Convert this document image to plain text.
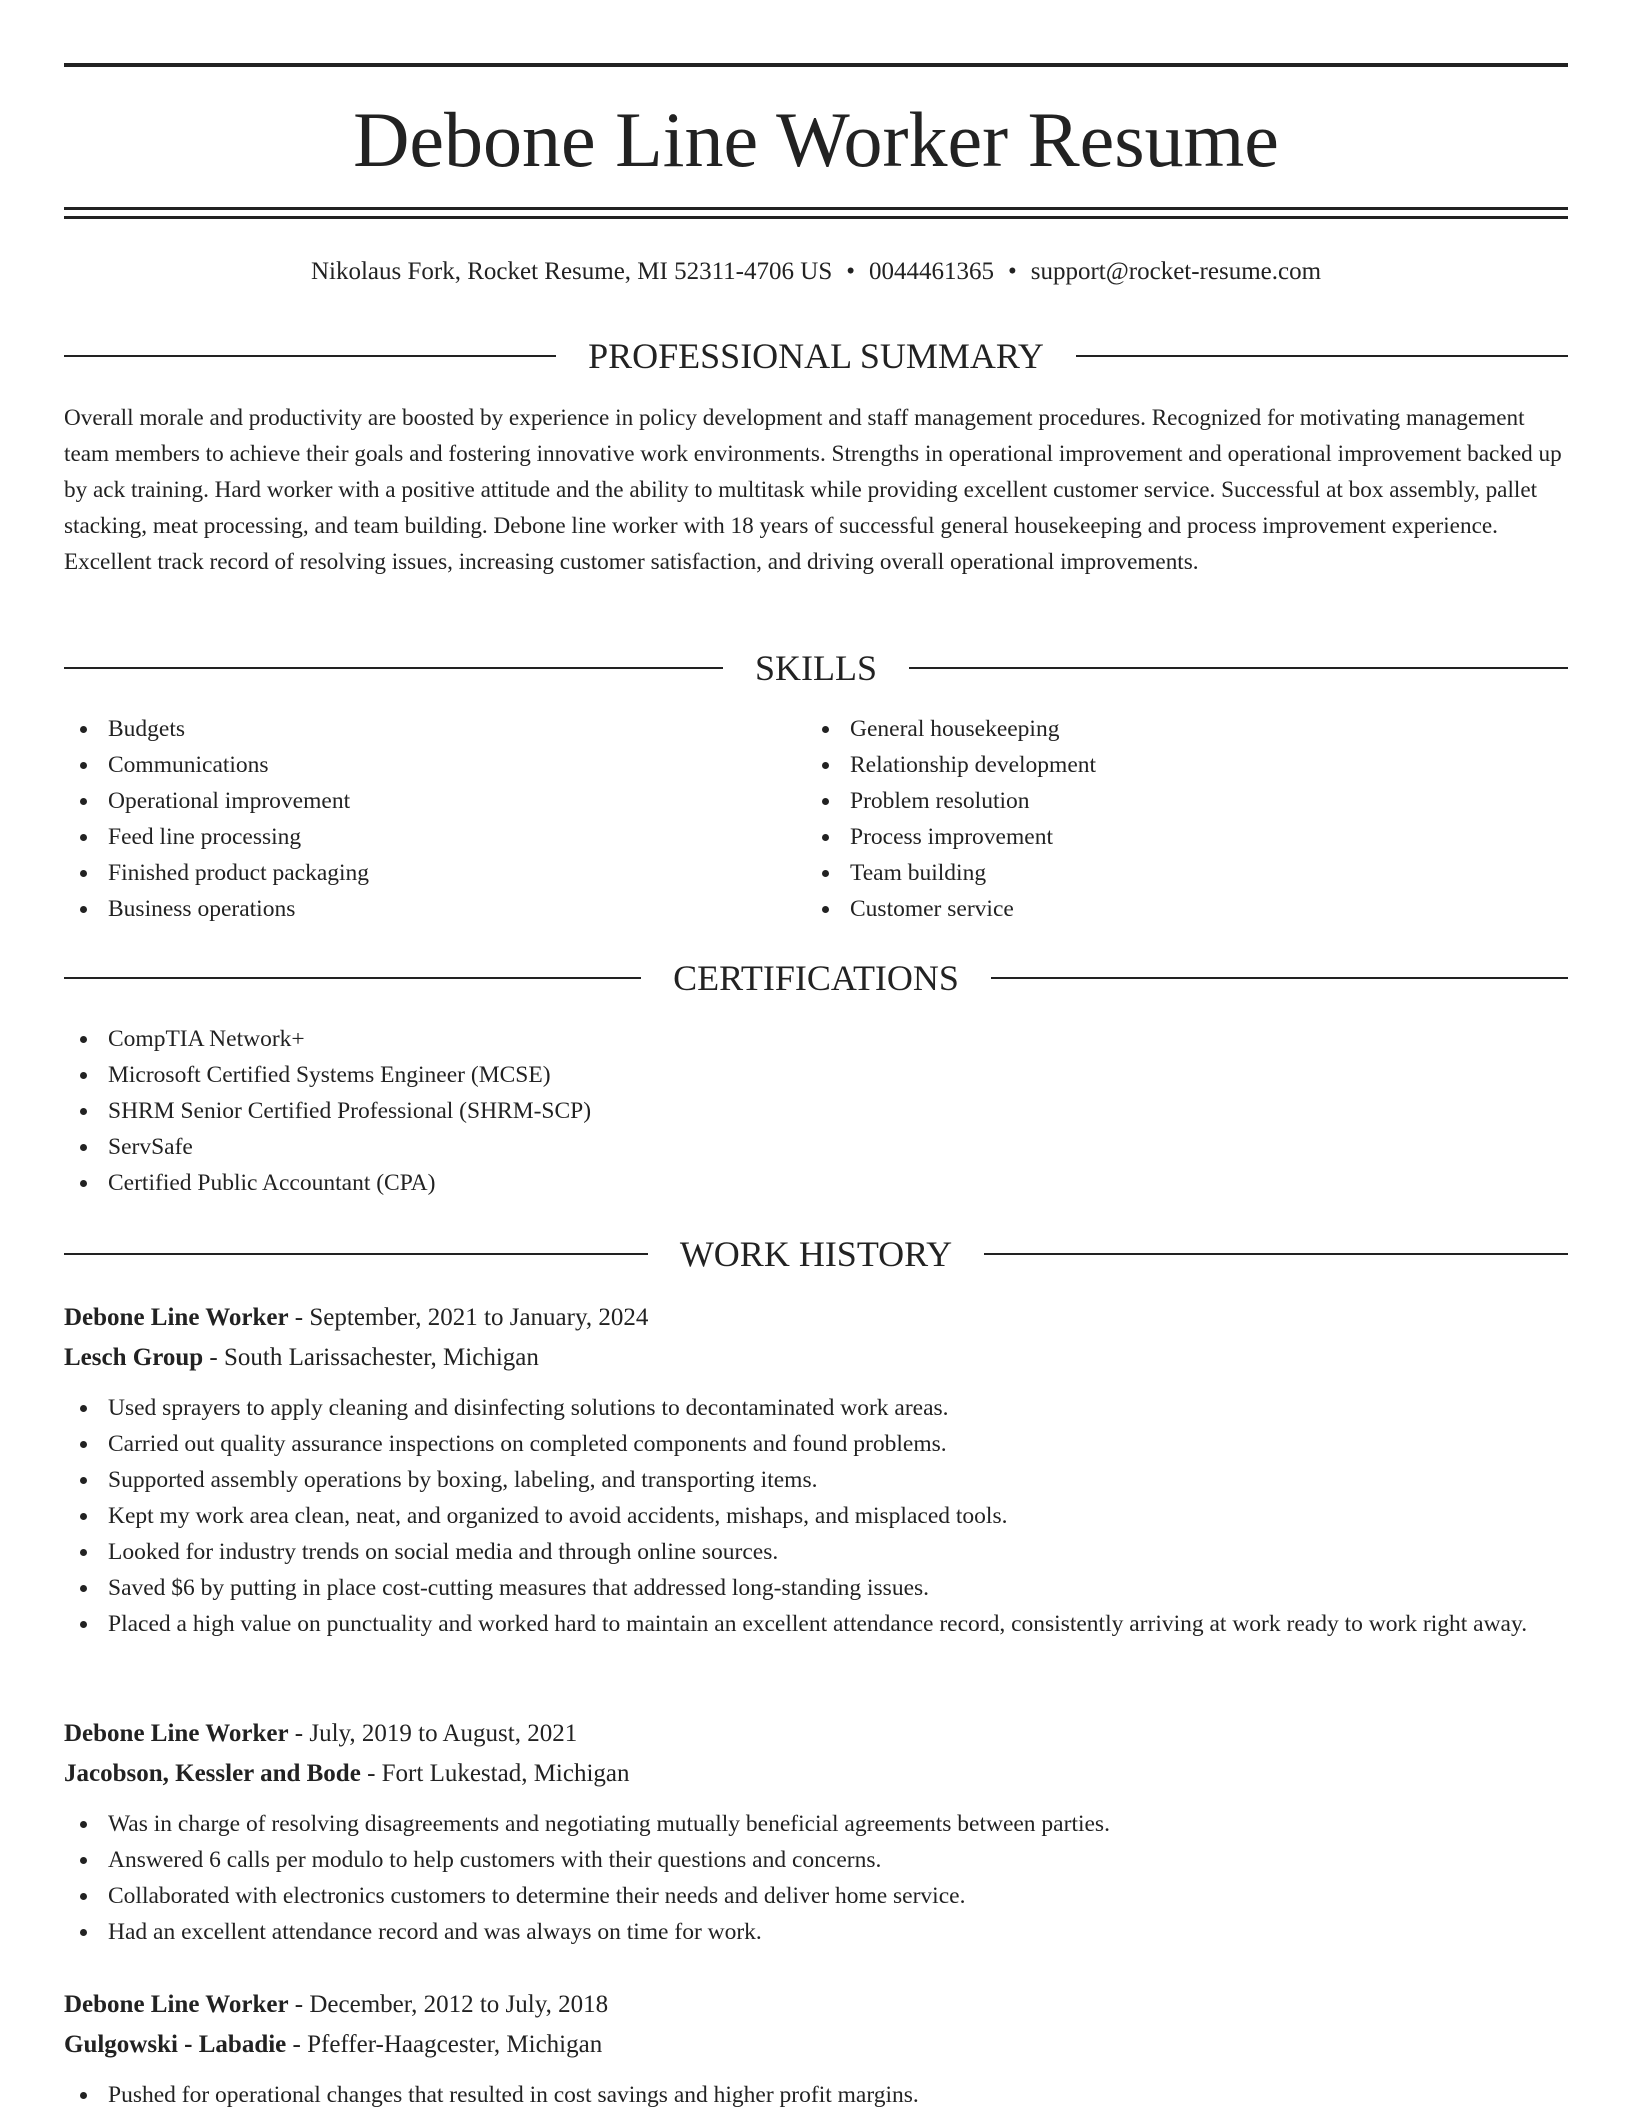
Debone Line Worker Resume
Nikolaus Fork, Rocket Resume, MI 52311-4706 US • 0044461365 • support@rocket-resume.com
PROFESSIONAL SUMMARY

Overall morale and productivity are boosted by experience in policy development and staff management procedures. Recognized for motivating management team members to achieve their goals and fostering innovative work environments. Strengths in operational improvement and operational improvement backed up by ack training. Hard worker with a positive attitude and the ability to multitask while providing excellent customer service. Successful at box assembly, pallet stacking, meat processing, and team building. Debone line worker with 18 years of successful general housekeeping and process improvement experience. Excellent track record of resolving issues, increasing customer satisfaction, and driving overall operational improvements.

SKILLS
Budgets
Communications
Operational improvement
Feed line processing
Finished product packaging
Business operations
General housekeeping
Relationship development
Problem resolution
Process improvement
Team building
Customer service
CERTIFICATIONS
CompTIA Network+
Microsoft Certified Systems Engineer (MCSE)
SHRM Senior Certified Professional (SHRM-SCP)
ServSafe
Certified Public Accountant (CPA)
WORK HISTORY
Debone Line Worker - September, 2021 to January, 2024
Lesch Group - South Larissachester, Michigan
Used sprayers to apply cleaning and disinfecting solutions to decontaminated work areas.
Carried out quality assurance inspections on completed components and found problems.
Supported assembly operations by boxing, labeling, and transporting items.
Kept my work area clean, neat, and organized to avoid accidents, mishaps, and misplaced tools.
Looked for industry trends on social media and through online sources.
Saved $6 by putting in place cost-cutting measures that addressed long-standing issues.
Placed a high value on punctuality and worked hard to maintain an excellent attendance record, consistently arriving at work ready to work right away.
Debone Line Worker - July, 2019 to August, 2021
Jacobson, Kessler and Bode - Fort Lukestad, Michigan
Was in charge of resolving disagreements and negotiating mutually beneficial agreements between parties.
Answered 6 calls per modulo to help customers with their questions and concerns.
Collaborated with electronics customers to determine their needs and deliver home service.
Had an excellent attendance record and was always on time for work.
Debone Line Worker - December, 2012 to July, 2018
Gulgowski - Labadie - Pfeffer-Haagcester, Michigan
Pushed for operational changes that resulted in cost savings and higher profit margins.
